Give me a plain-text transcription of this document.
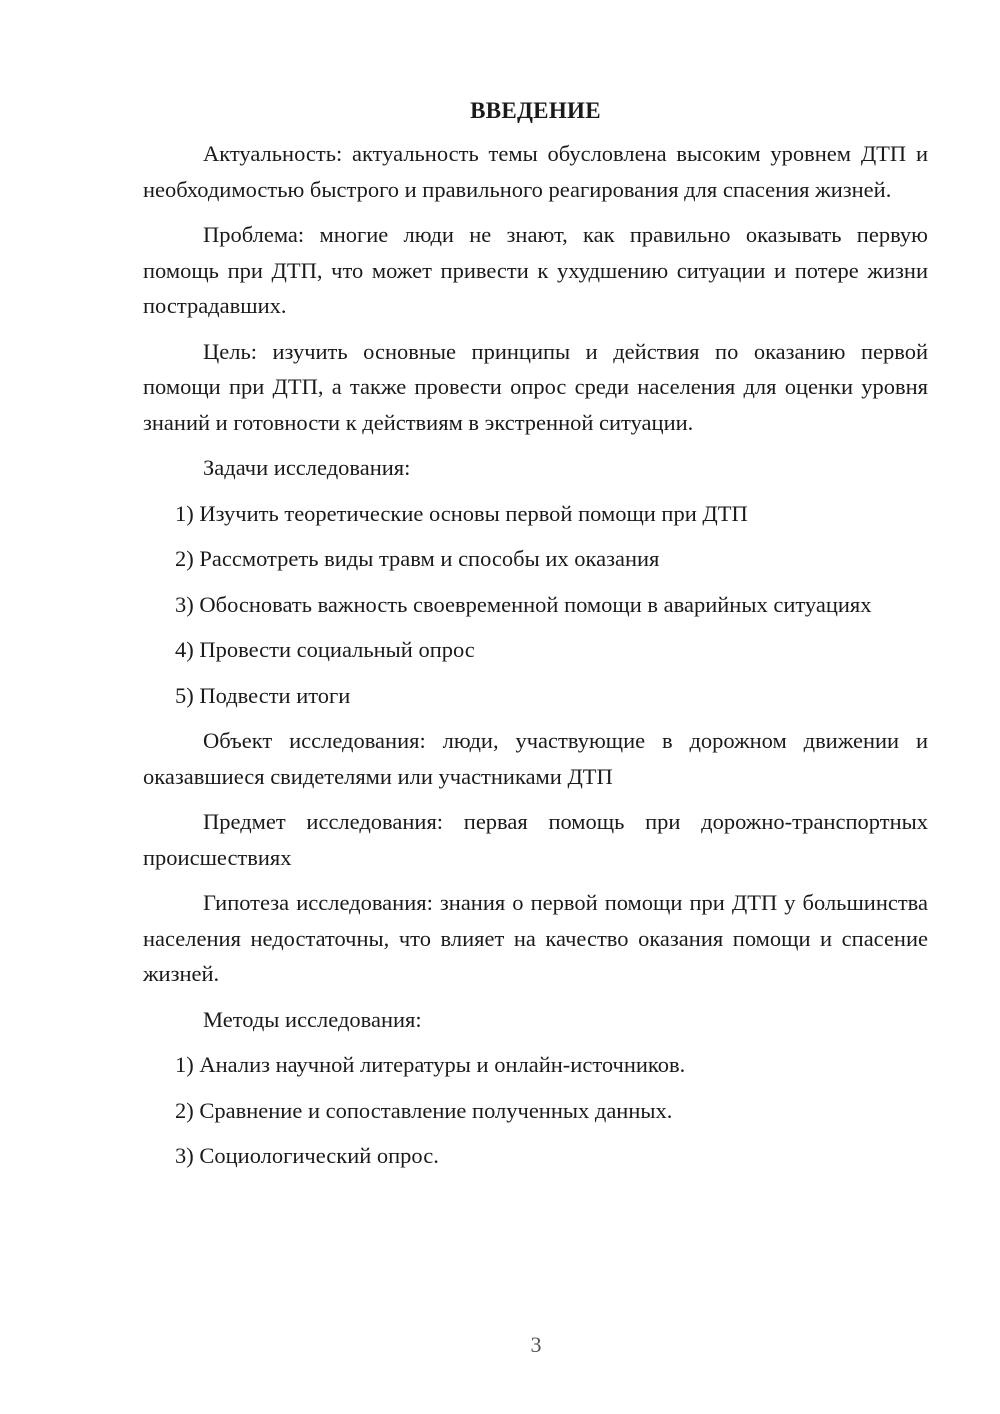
ВВЕДЕНИЕ

Актуальность: актуальность темы обусловлена высоким уровнем ДТП и необходимостью быстрого и правильного реагирования для спасения жизней.

Проблема: многие люди не знают, как правильно оказывать первую помощь при ДТП, что может привести к ухудшению ситуации и потере жизни пострадавших.

Цель: изучить основные принципы и действия по оказанию первой помощи при ДТП, а также провести опрос среди населения для оценки уровня знаний и готовности к действиям в экстренной ситуации.

Задачи исследования:

1) Изучить теоретические основы первой помощи при ДТП

2) Рассмотреть виды травм и способы их оказания

3) Обосновать важность своевременной помощи в аварийных ситуациях

4) Провести социальный опрос

5) Подвести итоги

Объект исследования: люди, участвующие в дорожном движении и оказавшиеся свидетелями или участниками ДТП

Предмет исследования: первая помощь при дорожно-транспортных происшествиях

Гипотеза исследования: знания о первой помощи при ДТП у большинства населения недостаточны, что влияет на качество оказания помощи и спасение жизней.

Методы исследования:

1) Анализ научной литературы и онлайн-источников.

2) Сравнение и сопоставление полученных данных.

3) Социологический опрос.

3
